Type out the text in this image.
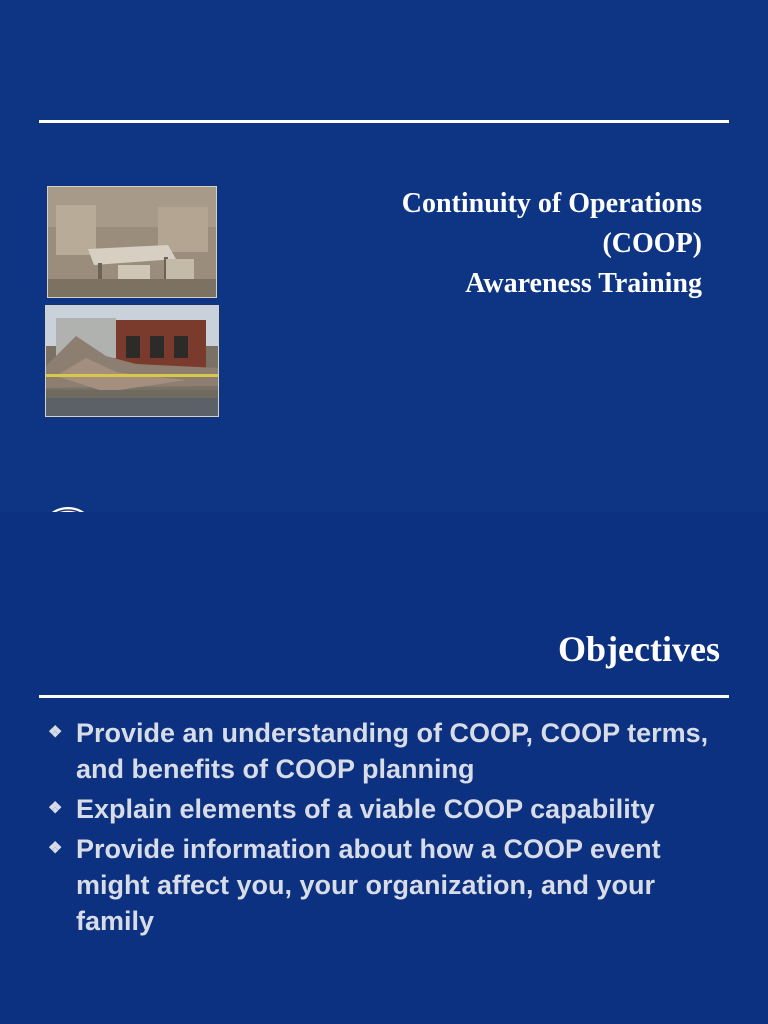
Continuity of Operations
(COOP)
Awareness Training
Objectives
❖ Provide an understanding of COOP, COOP terms, and benefits of COOP planning
❖ Explain elements of a viable COOP capability
❖ Provide information about how a COOP event might affect you, your organization, and your family
